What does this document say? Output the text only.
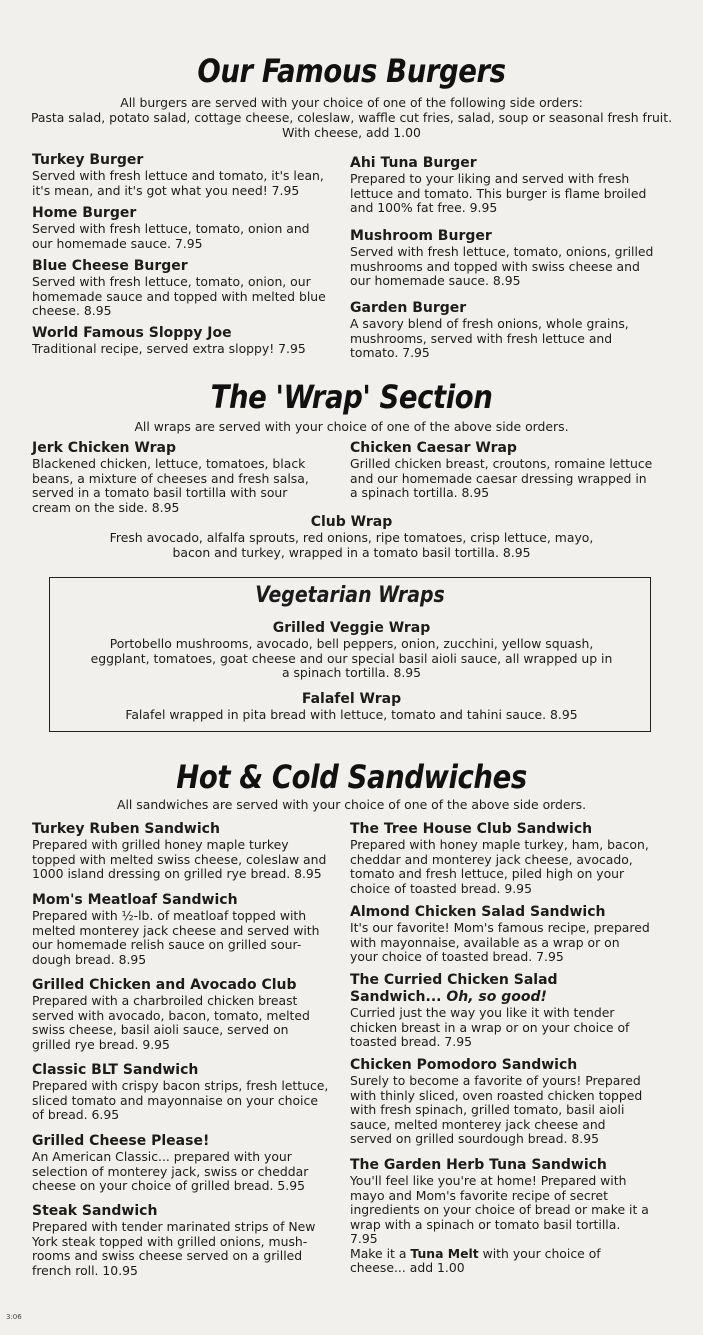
Our Famous Burgers

All burgers are served with your choice of one of the following side orders:

Pasta salad, potato salad, cottage cheese, coleslaw, waffle cut fries, salad, soup or seasonal fresh fruit.

With cheese, add 1.00

Turkey Burger

Served with fresh lettuce and tomato, it's lean, it's mean, and it's got what you need! 7.95

Home Burger

Served with fresh lettuce, tomato, onion and our homemade sauce. 7.95

Blue Cheese Burger

Served with fresh lettuce, tomato, onion, our homemade sauce and topped with melted blue cheese. 8.95

World Famous Sloppy Joe

Traditional recipe, served extra sloppy! 7.95

Ahi Tuna Burger

Prepared to your liking and served with fresh lettuce and tomato. This burger is flame broiled and 100% fat free. 9.95

Mushroom Burger

Served with fresh lettuce, tomato, onions, grilled mushrooms and topped with swiss cheese and our homemade sauce. 8.95

Garden Burger

A savory blend of fresh onions, whole grains, mushrooms, served with fresh lettuce and tomato. 7.95

The 'Wrap' Section

All wraps are served with your choice of one of the above side orders.

Jerk Chicken Wrap

Blackened chicken, lettuce, tomatoes, black beans, a mixture of cheeses and fresh salsa, served in a tomato basil tortilla with sour cream on the side. 8.95

Chicken Caesar Wrap

Grilled chicken breast, croutons, romaine lettuce and our homemade caesar dressing wrapped in a spinach tortilla. 8.95

Club Wrap

Fresh avocado, alfalfa sprouts, red onions, ripe tomatoes, crisp lettuce, mayo, bacon and turkey, wrapped in a tomato basil tortilla. 8.95

Vegetarian Wraps

Grilled Veggie Wrap

Portobello mushrooms, avocado, bell peppers, onion, zucchini, yellow squash, eggplant, tomatoes, goat cheese and our special basil aioli sauce, all wrapped up in a spinach tortilla. 8.95

Falafel Wrap

Falafel wrapped in pita bread with lettuce, tomato and tahini sauce. 8.95

Hot & Cold Sandwiches

All sandwiches are served with your choice of one of the above side orders.

Turkey Ruben Sandwich

Prepared with grilled honey maple turkey topped with melted swiss cheese, coleslaw and 1000 island dressing on grilled rye bread. 8.95

Mom's Meatloaf Sandwich

Prepared with ½-lb. of meatloaf topped with melted monterey jack cheese and served with our homemade relish sauce on grilled sour-dough bread. 8.95

Grilled Chicken and Avocado Club

Prepared with a charbroiled chicken breast served with avocado, bacon, tomato, melted swiss cheese, basil aioli sauce, served on grilled rye bread. 9.95

Classic BLT Sandwich

Prepared with crispy bacon strips, fresh lettuce, sliced tomato and mayonnaise on your choice of bread. 6.95

Grilled Cheese Please!

An American Classic... prepared with your selection of monterey jack, swiss or cheddar cheese on your choice of grilled bread. 5.95

Steak Sandwich

Prepared with tender marinated strips of New York steak topped with grilled onions, mush-rooms and swiss cheese served on a grilled french roll. 10.95

The Tree House Club Sandwich

Prepared with honey maple turkey, ham, bacon, cheddar and monterey jack cheese, avocado, tomato and fresh lettuce, piled high on your choice of toasted bread. 9.95

Almond Chicken Salad Sandwich

It's our favorite! Mom's famous recipe, prepared with mayonnaise, available as a wrap or on your choice of toasted bread. 7.95

The Curried Chicken Salad Sandwich... Oh, so good!

Curried just the way you like it with tender chicken breast in a wrap or on your choice of toasted bread. 7.95

Chicken Pomodoro Sandwich

Surely to become a favorite of yours! Prepared with thinly sliced, oven roasted chicken topped with fresh spinach, grilled tomato, basil aioli sauce, melted monterey jack cheese and served on grilled sourdough bread. 8.95

The Garden Herb Tuna Sandwich

You'll feel like you're at home! Prepared with mayo and Mom's favorite recipe of secret ingredients on your choice of bread or make it a wrap with a spinach or tomato basil tortilla. 7.95

Make it a Tuna Melt with your choice of cheese... add 1.00

3:06
